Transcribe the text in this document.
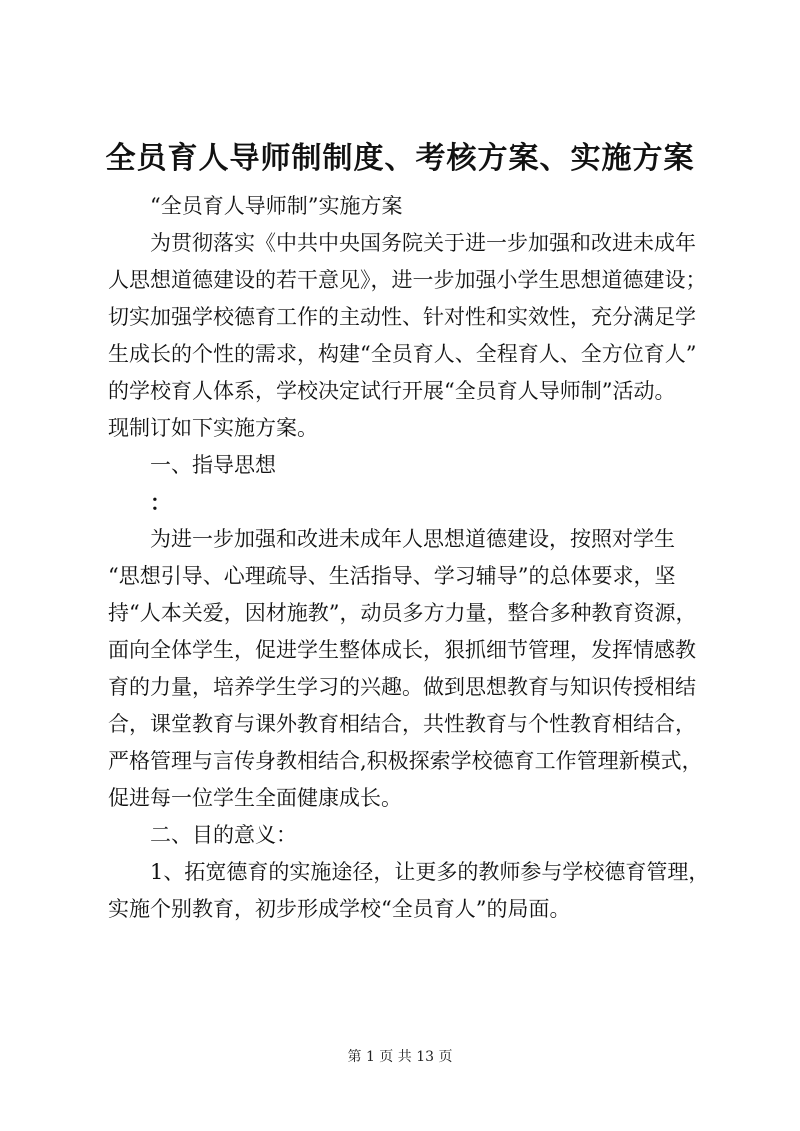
全员育人导师制制度、考核方案、实施方案

“全员育人导师制”实施方案

为贯彻落实《中共中央国务院关于进一步加强和改进未成年
人思想道德建设的若干意见》，进一步加强小学生思想道德建设；
切实加强学校德育工作的主动性、针对性和实效性，充分满足学
生成长的个性的需求，构建“全员育人、全程育人、全方位育人”
的学校育人体系，学校决定试行开展“全员育人导师制”活动。
现制订如下实施方案。

一、指导思想

：

为进一步加强和改进未成年人思想道德建设，按照对学生
“思想引导、心理疏导、生活指导、学习辅导”的总体要求，坚
持“人本关爱，因材施教”，动员多方力量，整合多种教育资源，
面向全体学生，促进学生整体成长，狠抓细节管理，发挥情感教
育的力量，培养学生学习的兴趣。做到思想教育与知识传授相结
合，课堂教育与课外教育相结合，共性教育与个性教育相结合，
严格管理与言传身教相结合,积极探索学校德育工作管理新模式，
促进每一位学生全面健康成长。

二、目的意义：

1、拓宽德育的实施途径，让更多的教师参与学校德育管理，
实施个别教育，初步形成学校“全员育人”的局面。

第 1 页 共 13 页
